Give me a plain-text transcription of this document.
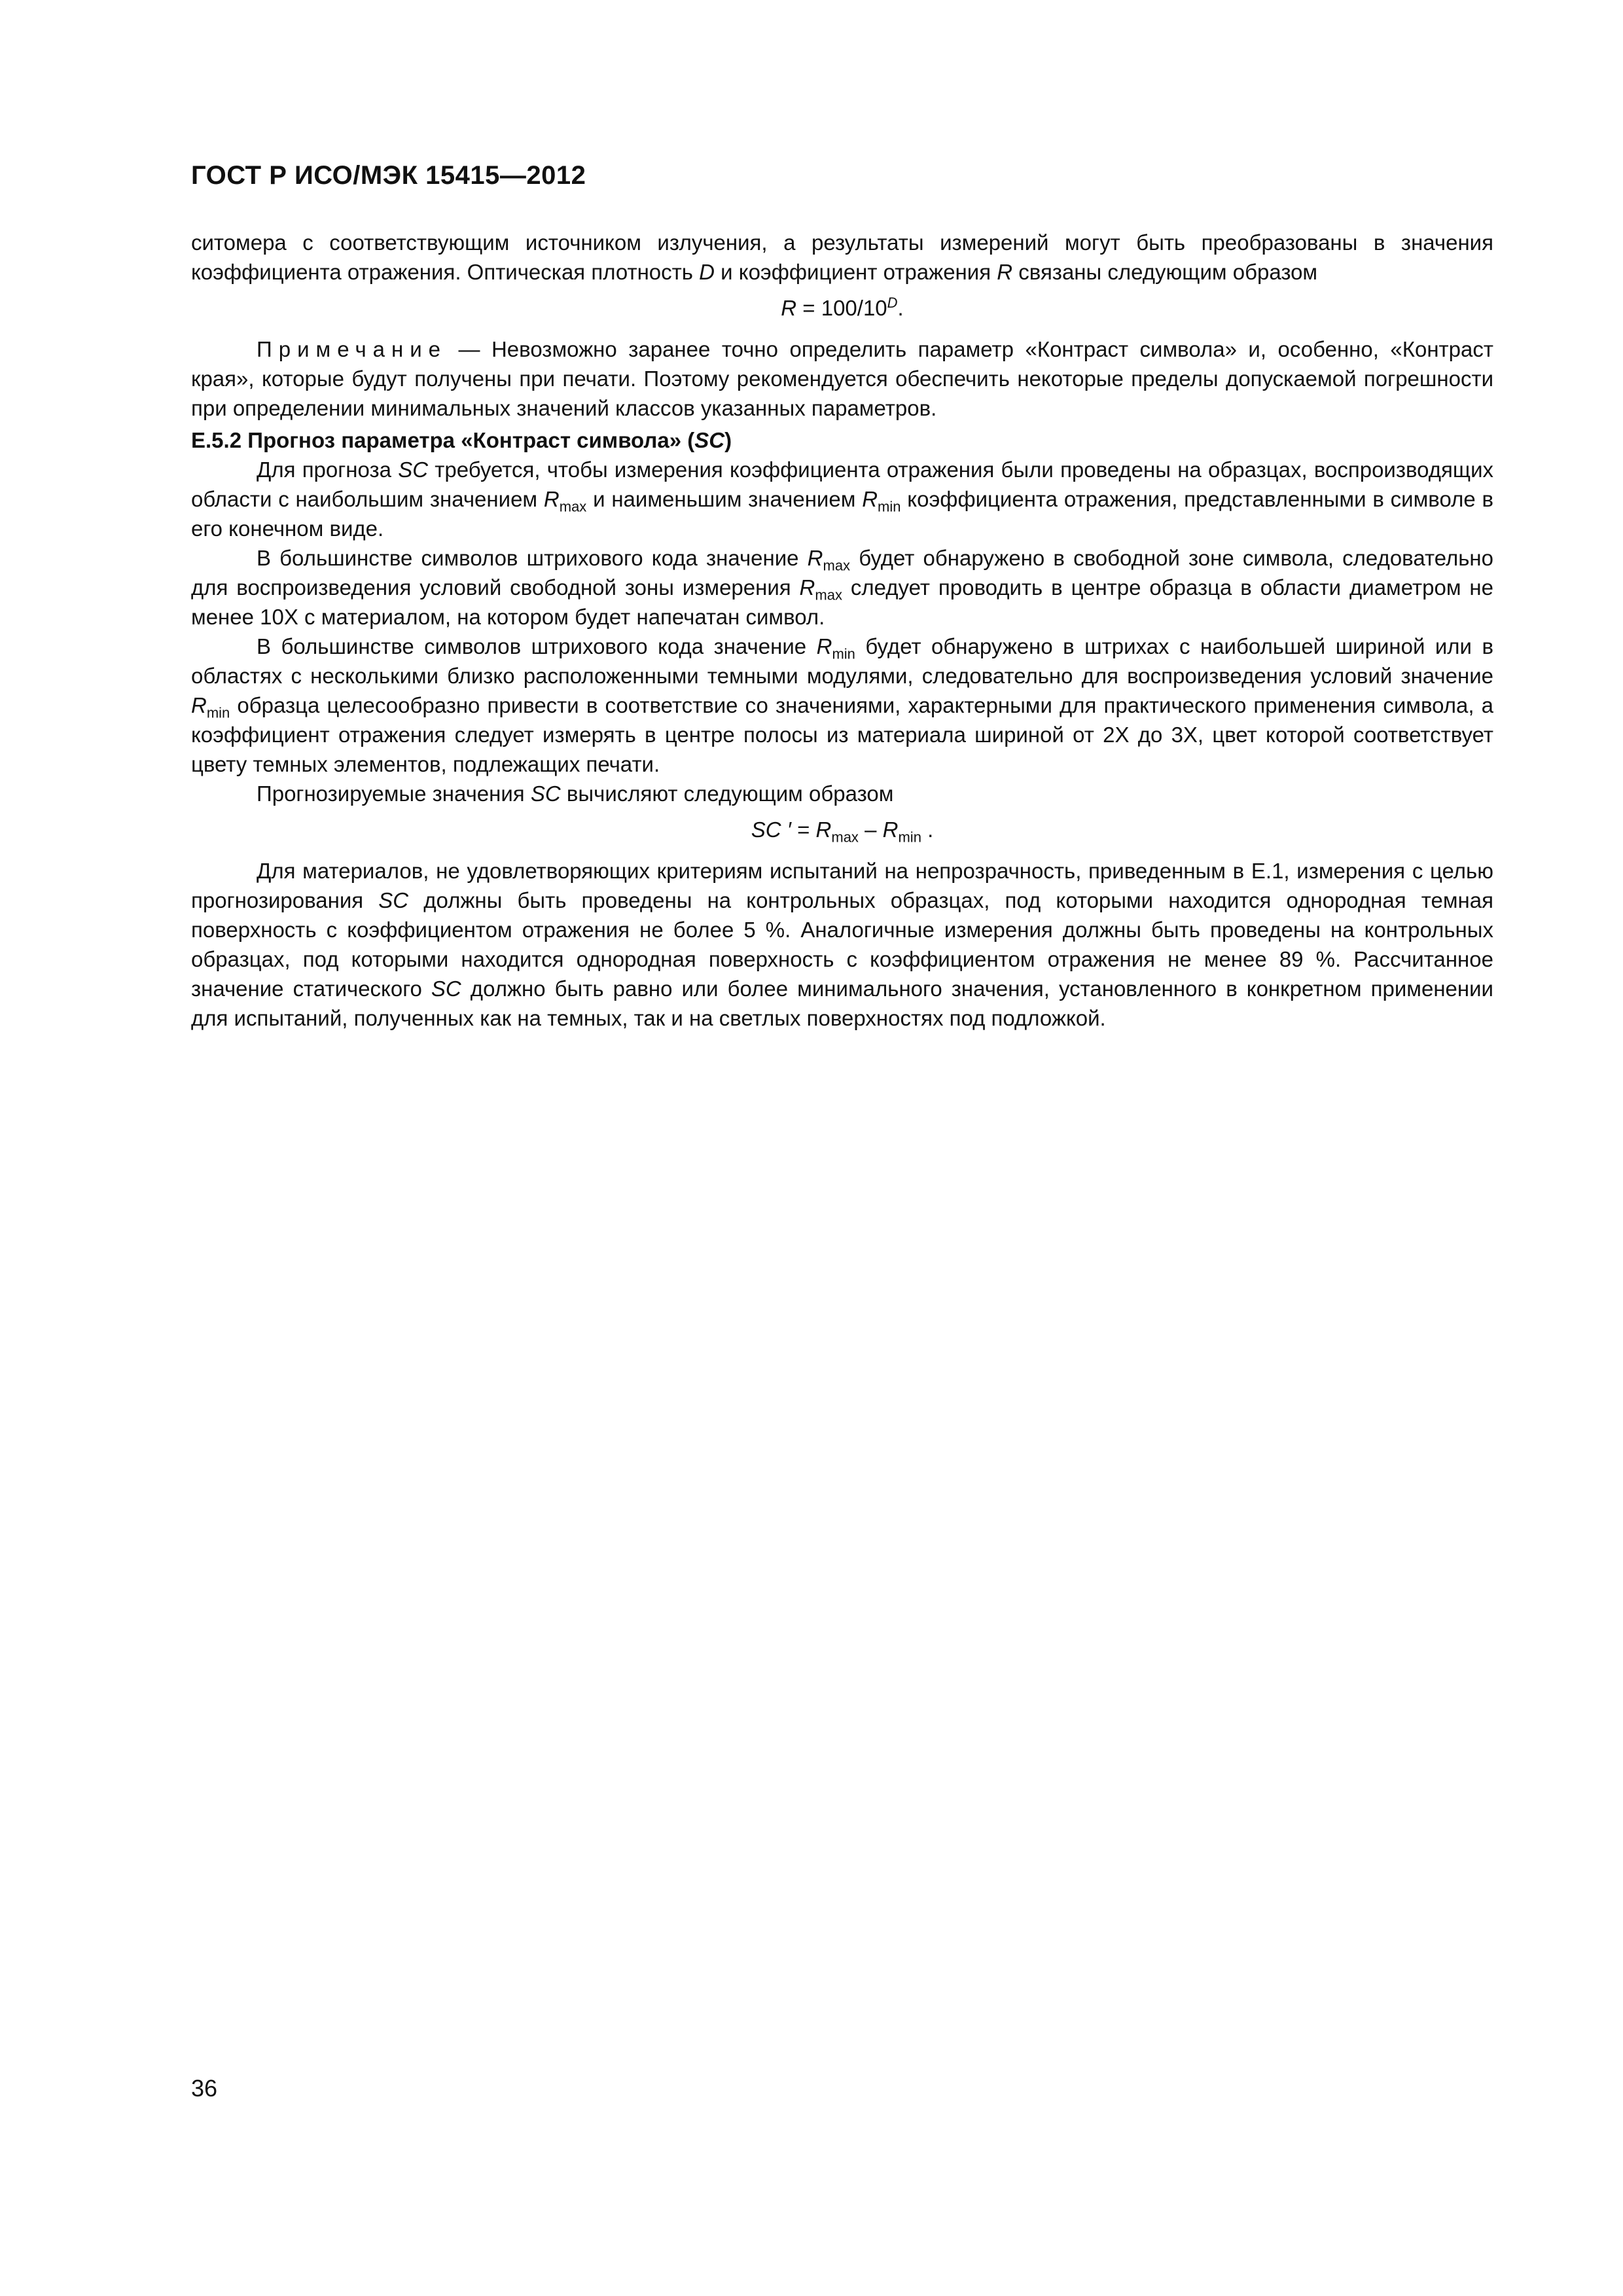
ГОСТ Р ИСО/МЭК 15415—2012

ситомера с соответствующим источником излучения, а результаты измерений могут быть преобразованы в значения коэффициента отражения. Оптическая плотность D и коэффициент отражения R связаны следующим образом

$R = 100/10^D$.

Примечание — Невозможно заранее точно определить параметр «Контраст символа» и, особенно, «Контраст края», которые будут получены при печати. Поэтому рекомендуется обеспечить некоторые пределы допускаемой погрешности при определении минимальных значений классов указанных параметров.

Е.5.2 Прогноз параметра «Контраст символа» (SC)

Для прогноза SC требуется, чтобы измерения коэффициента отражения были проведены на образцах, воспроизводящих области с наибольшим значением $R_{max}$ и наименьшим значением $R_{min}$ коэффициента отражения, представленными в символе в его конечном виде.

В большинстве символов штрихового кода значение $R_{max}$ будет обнаружено в свободной зоне символа, следовательно для воспроизведения условий свободной зоны измерения $R_{max}$ следует проводить в центре образца в области диаметром не менее 10X с материалом, на котором будет напечатан символ.

В большинстве символов штрихового кода значение $R_{min}$ будет обнаружено в штрихах с наибольшей шириной или в областях с несколькими близко расположенными темными модулями, следовательно для воспроизведения условий значение $R_{min}$ образца целесообразно привести в соответствие со значениями, характерными для практического применения символа, а коэффициент отражения следует измерять в центре полосы из материала шириной от 2X до 3X, цвет которой соответствует цвету темных элементов, подлежащих печати.

Прогнозируемые значения SC вычисляют следующим образом

SC ′ = $R_{max} - R_{min}$ .

Для материалов, не удовлетворяющих критериям испытаний на непрозрачность, приведенным в Е.1, измерения с целью прогнозирования SC должны быть проведены на контрольных образцах, под которыми находится однородная темная поверхность с коэффициентом отражения не более 5 %. Аналогичные измерения должны быть проведены на контрольных образцах, под которыми находится однородная поверхность с коэффициентом отражения не менее 89 %. Рассчитанное значение статического SC должно быть равно или более минимального значения, установленного в конкретном применении для испытаний, полученных как на темных, так и на светлых поверхностях под подложкой.

36
